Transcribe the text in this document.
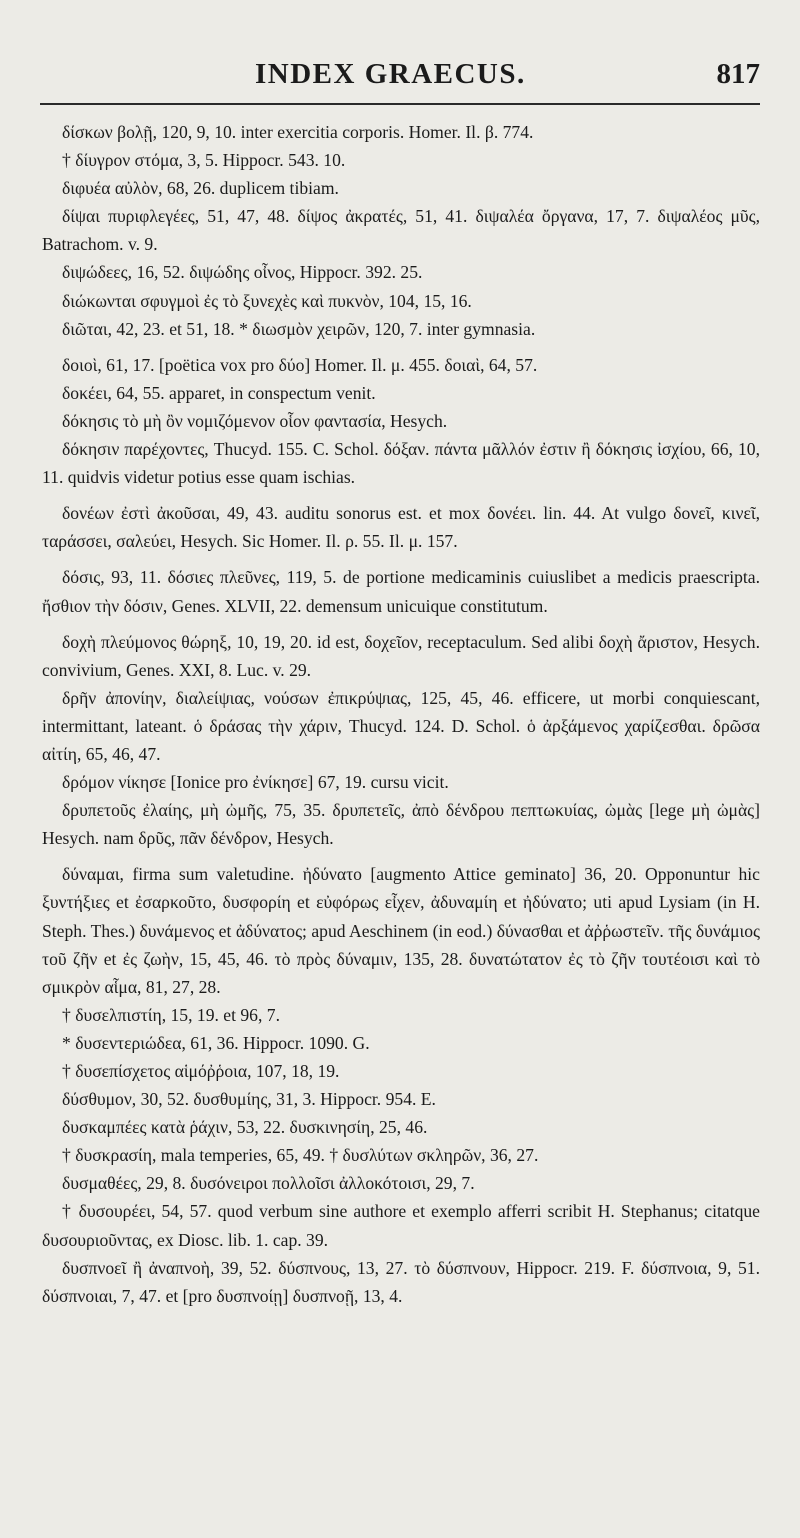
INDEX GRAECUS.	817

δίσκων βολῇ, 120, 9, 10. inter exercitia corporis. Homer. Il. β. 774.

† δίυγρον στόμα, 3, 5. Hippocr. 543. 10.

διφυέα αὐλὸν, 68, 26. duplicem tibiam.

δίψαι πυριφλεγέες, 51, 47, 48. δίψος ἀκρατές, 51, 41. διψαλέα ὄργανα, 17, 7. διψαλέος μῦς, Batrachom. v. 9.

διψώδεες, 16, 52. διψώδης οἶνος, Hippocr. 392. 25.

διώκωνται σφυγμοὶ ἐς τὸ ξυνεχὲς καὶ πυκνὸν, 104, 15, 16.

διῶται, 42, 23. et 51, 18. * διωσμὸν χειρῶν, 120, 7. inter gymnasia.

δοιοὶ, 61, 17. [poëtica vox pro δύο] Homer. Il. μ. 455. δοιαὶ, 64, 57.

δοκέει, 64, 55. apparet, in conspectum venit.

δόκησις τὸ μὴ ὂν νομιζόμενον οἷον φαντασία, Hesych.

δόκησιν παρέχοντες, Thucyd. 155. C. Schol. δόξαν. πάντα μᾶλλόν ἐστιν ἢ δόκησις ἰσχίου, 66, 10, 11. quidvis videtur potius esse quam ischias.

δονέων ἐστὶ ἀκοῦσαι, 49, 43. auditu sonorus est. et mox δονέει. lin. 44. At vulgo δονεῖ, κινεῖ, ταράσσει, σαλεύει, Hesych. Sic Homer. Il. ρ. 55. Il. μ. 157.

δόσις, 93, 11. δόσιες πλεῦνες, 119, 5. de portione medicaminis cuiuslibet a medicis praescripta. ἤσθιον τὴν δόσιν, Genes. XLVII, 22. demensum unicuique constitutum.

δοχὴ πλεύμονος θώρηξ, 10, 19, 20. id est, δοχεῖον, receptaculum. Sed alibi δοχὴ ἄριστον, Hesych. convivium, Genes. XXI, 8. Luc. v. 29.

δρῆν ἀπονίην, διαλείψιας, νούσων ἐπικρύψιας, 125, 45, 46. efficere, ut morbi conquiescant, intermittant, lateant. ὁ δράσας τὴν χάριν, Thucyd. 124. D. Schol. ὁ ἀρξάμενος χαρίζεσθαι. δρῶσα αἰτίη, 65, 46, 47.

δρόμον νίκησε [Ionice pro ἐνίκησε] 67, 19. cursu vicit.

δρυπετοῦς ἐλαίης, μὴ ὠμῆς, 75, 35. δρυπετεῖς, ἀπὸ δένδρου πεπτωκυίας, ὠμὰς [lege μὴ ὠμὰς] Hesych. nam δρῦς, πᾶν δένδρον, Hesych.

δύναμαι, firma sum valetudine. ἠδύνατο [augmento Attice geminato] 36, 20. Opponuntur hic ξυντήξιες et ἐσαρκοῦτο, δυσφορίη et εὐφόρως εἶχεν, ἀδυναμίη et ἠδύνατο; uti apud Lysiam (in H. Steph. Thes.) δυνάμενος et ἀδύνατος; apud Aeschinem (in eod.) δύνασθαι et ἀῤῥωστεῖν. τῆς δυνάμιος τοῦ ζῆν et ἐς ζωὴν, 15, 45, 46. τὸ πρὸς δύναμιν, 135, 28. δυνατώτατον ἐς τὸ ζῆν τουτέοισι καὶ τὸ σμικρὸν αἷμα, 81, 27, 28.

† δυσελπιστίη, 15, 19. et 96, 7.

* δυσεντεριώδεα, 61, 36. Hippocr. 1090. G.

† δυσεπίσχετος αἱμόῤῥοια, 107, 18, 19.

δύσθυμον, 30, 52. δυσθυμίης, 31, 3. Hippocr. 954. E.

δυσκαμπέες κατὰ ῥάχιν, 53, 22. δυσκινησίη, 25, 46.

† δυσκρασίη, mala temperies, 65, 49. † δυσλύτων σκληρῶν, 36, 27.

δυσμαθέες, 29, 8. δυσόνειροι πολλοῖσι ἀλλοκότοισι, 29, 7.

† δυσουρέει, 54, 57. quod verbum sine authore et exemplo afferri scribit H. Stephanus; citatque δυσουριοῦντας, ex Diosc. lib. 1. cap. 39.

δυσπνοεῖ ἢ ἀναπνοὴ, 39, 52. δύσπνους, 13, 27. τὸ δύσπνουν, Hippocr. 219. F. δύσπνοια, 9, 51. δύσπνοιαι, 7, 47. et [pro δυσπνοίῃ] δυσπνοῇ, 13, 4.
